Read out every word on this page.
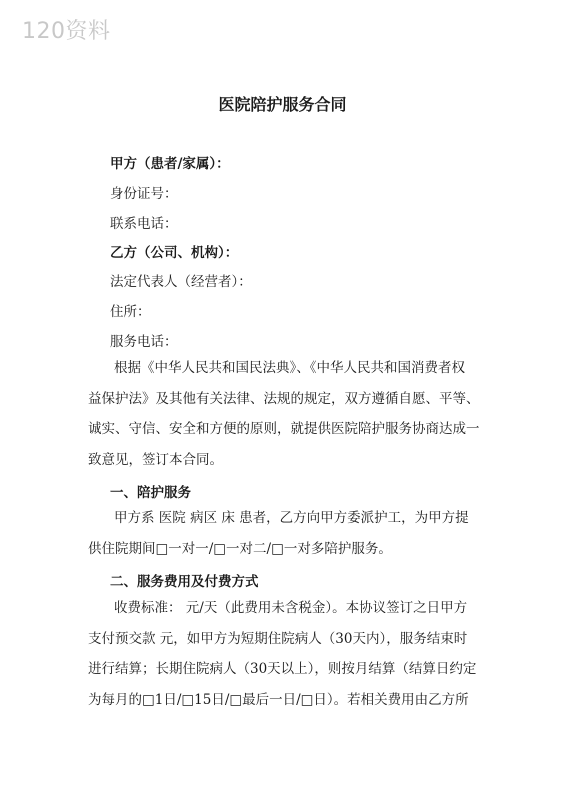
120资料
医院陪护服务合同
甲方（患者/家属）：
身份证号：
联系电话：
乙方（公司、机构）：
法定代表人（经营者）：
住所：
服务电话：
根据《中华人民共和国民法典》、《中华人民共和国消费者权
益保护法》及其他有关法律、法规的规定，双方遵循自愿、平等、
诚实、守信、安全和方便的原则，就提供医院陪护服务协商达成一
致意见，签订本合同。
一、陪护服务
甲方系 医院 病区 床 患者，乙方向甲方委派护工，为甲方提
供住院期间□一对一/□一对二/□一对多陪护服务。
二、服务费用及付费方式
收费标准： 元/天（此费用未含税金）。本协议签订之日甲方
支付预交款 元，如甲方为短期住院病人（30天内），服务结束时
进行结算；长期住院病人（30天以上），则按月结算（结算日约定
为每月的□1日/□15日/□最后一日/□日）。若相关费用由乙方所
